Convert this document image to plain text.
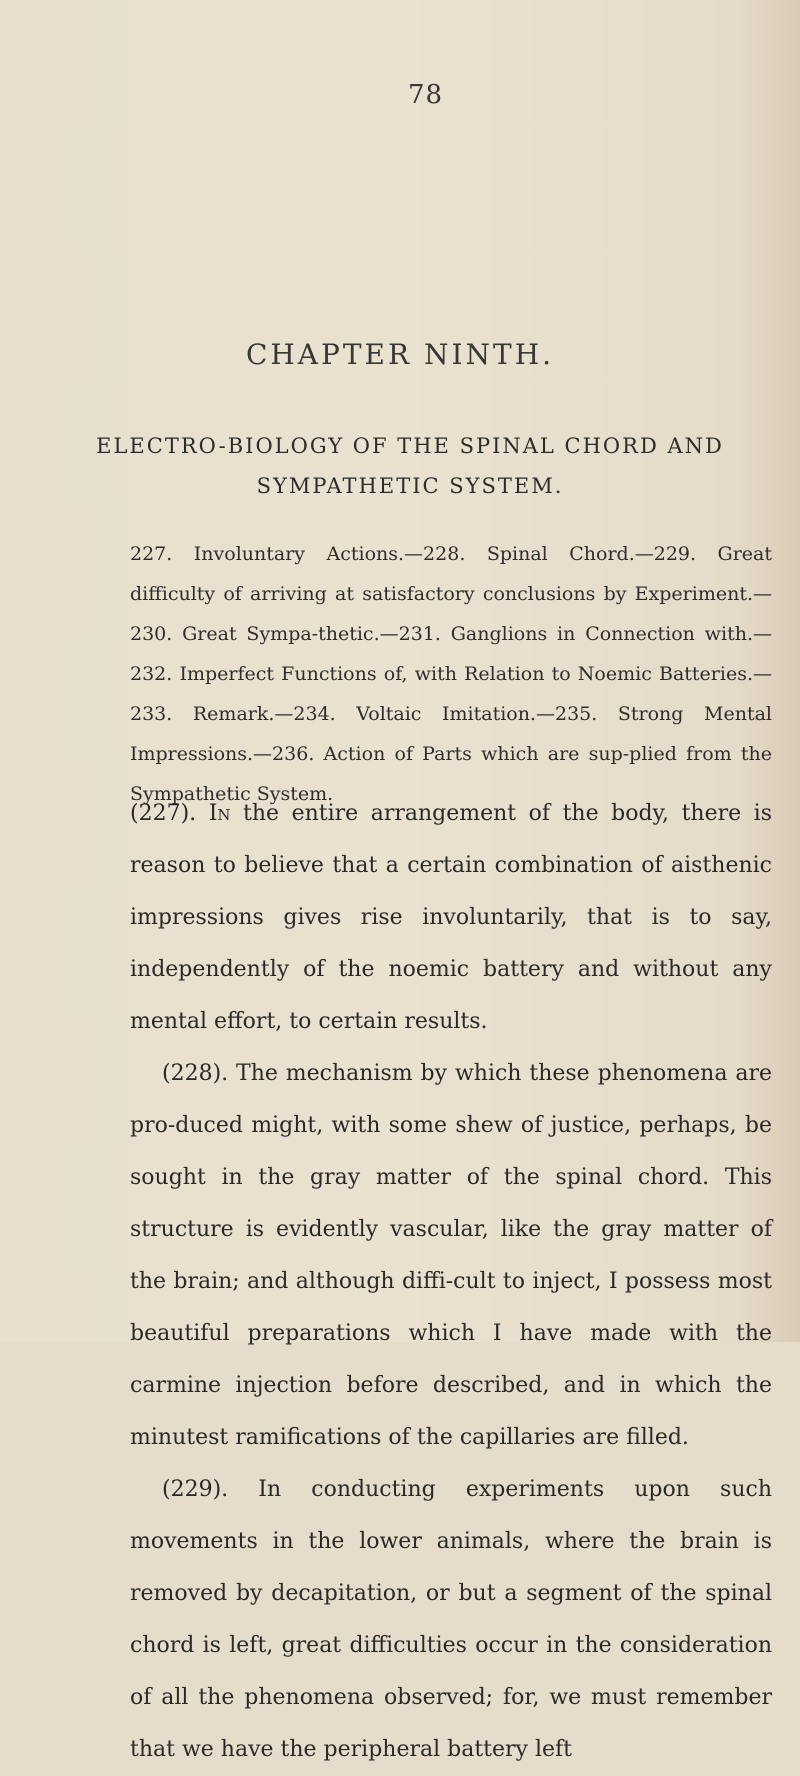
78
CHAPTER NINTH.
ELECTRO-BIOLOGY OF THE SPINAL CHORD AND SYMPATHETIC SYSTEM.

227. Involuntary Actions.—228. Spinal Chord.—229. Great difficulty of arriving at satisfactory conclusions by Experiment.—230. Great Sympa-thetic.—231. Ganglions in Connection with.—232. Imperfect Functions of, with Relation to Noemic Batteries.—233. Remark.—234. Voltaic Imitation.—235. Strong Mental Impressions.—236. Action of Parts which are sup-plied from the Sympathetic System.

(227). In the entire arrangement of the body, there is reason to believe that a certain combination of aisthenic impressions gives rise involuntarily, that is to say, independently of the noemic battery and without any mental effort, to certain results.

(228). The mechanism by which these phenomena are pro-duced might, with some shew of justice, perhaps, be sought in the gray matter of the spinal chord. This structure is evidently vascular, like the gray matter of the brain; and although diffi-cult to inject, I possess most beautiful preparations which I have made with the carmine injection before described, and in which the minutest ramifications of the capillaries are filled.

(229). In conducting experiments upon such movements in the lower animals, where the brain is removed by decapitation, or but a segment of the spinal chord is left, great difficulties occur in the consideration of all the phenomena observed; for, we must remember that we have the peripheral battery left
